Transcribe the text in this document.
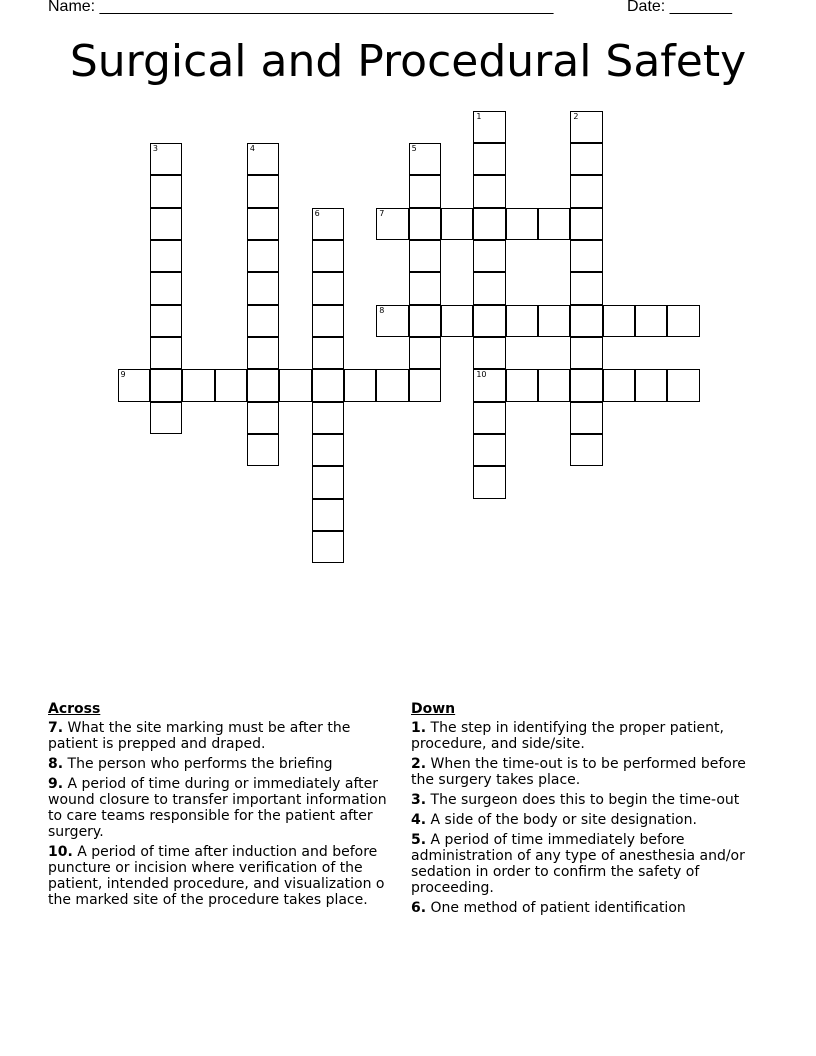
Name: ___________________________________________________	Date: _______
Surgical and Procedural Safety
1
10
2
3	4	5
6	7
8
9
Across
7. What the site marking must be after the patient is prepped and draped.
8. The person who performs the briefing
9. A period of time during or immediately after wound closure to transfer important information to care teams responsible for the patient after surgery.
10. A period of time after induction and before puncture or incision where verification of the patient, intended procedure, and visualization o the marked site of the procedure takes place.
Down
1. The step in identifying the proper patient, procedure, and side/site.
2. When the time-out is to be performed before the surgery takes place.
3. The surgeon does this to begin the time-out
4. A side of the body or site designation.
5. A period of time immediately before administration of any type of anesthesia and/or sedation in order to confirm the safety of proceeding.
6. One method of patient identification
